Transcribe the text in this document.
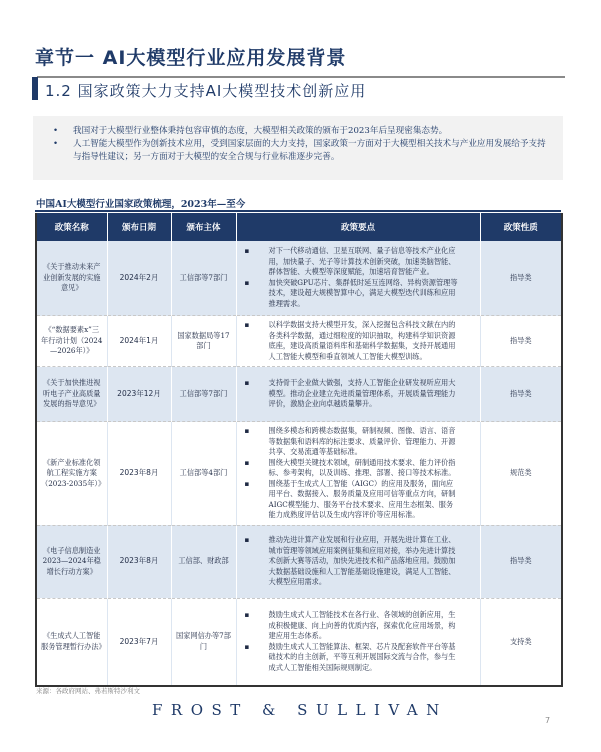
章节一 AI大模型行业应用发展背景
1.2 国家政策大力支持AI大模型技术创新应用
• 我国对于大模型行业整体秉持包容审慎的态度，大模型相关政策的颁布于2023年后呈现密集态势。
• 人工智能大模型作为创新技术应用，受到国家层面的大力支持，国家政策一方面对于大模型相关技术与产业应用发展给予支持与指导性建议；另一方面对于大模型的安全合规与行业标准逐步完善。
中国AI大模型行业国家政策梳理，2023年—至今
政策名称	颁布日期	颁布主体	政策要点	政策性质
《关于推动未来产业创新发展的实施意见》	2024年2月	工信部等7部门	▪ 对下一代移动通信、卫星互联网、量子信息等技术产业化应用，加快量子、光子等计算技术创新突破，加速类脑智能、群体智能、大模型等深度赋能，加速培育智能产业。
▪ 加快突破GPU芯片、集群低时延互连网络、异构资源管理等技术，建设超大规模智算中心，满足大模型迭代训练和应用推理需求。	指导类
《“数据要素x”三年行动计划（2024—2026年）》	2024年1月	国家数据局等17部门	▪ 以科学数据支持大模型开发，深入挖掘包含科技文献在内的各类科学数据，通过细粒度的知识抽取，构建科学知识资源底座，建设高质量语料库和基础科学数据集，支持开展通用人工智能大模型和垂直领域人工智能大模型训练。	指导类
《关于加快推进视听电子产业高质量发展的指导意见》	2023年12月	工信部等7部门	▪ 支持骨干企业做大做强，支持人工智能企业研发视听应用大模型。推动企业建立先进质量管理体系，开展质量管理能力评价，激励企业向卓越质量攀升。	指导类
《新产业标准化领航工程实施方案（2023-2035年）》	2023年8月	工信部等4部门	
▪	围绕多模态和跨模态数据集，研制视频、图像、语言、语音等数据集和语料库的标注要求、质量评价、管理能力、开源共享、交易流通等基础标准。
▪	围绕大模型关键技术领域，研制通用技术要求、能力评价指标、参考架构，以及训练、推理、部署、接口等技术标准。
▪	围绕基于生成式人工智能（AIGC）的应用及服务，面向应用平台、数据接入、服务质量及应用可信等重点方向，研制AIGC模型能力、服务平台技术要求、应用生态框架、服务能力成熟度评估以及生成内容评价等应用标准。
	规范类
《电子信息制造业2023—2024年稳增长行动方案》	2023年8月	工信部、财政部	▪ 推动先进计算产业发展和行业应用，开展先进计算在工业、城市管理等领域应用案例征集和应用对接，举办先进计算技术创新大赛等活动，加快先进技术和产品落地应用。鼓励加大数据基础设施和人工智能基础设施建设，满足人工智能、大模型应用需求。	指导类
《生成式人工智能服务管理暂行办法》	2023年7月	国家网信办等7部门	▪ 鼓励生成式人工智能技术在各行业、各领域的创新应用，生成积极健康、向上向善的优质内容，探索优化应用场景，构建应用生态体系。
▪ 鼓励生成式人工智能算法、框架、芯片及配套软件平台等基础技术的自主创新，平等互利开展国际交流与合作，参与生成式人工智能相关国际规则制定。	支持类
来源：各政府网站、弗若斯特沙利文
FROST & SULLIVAN
7
